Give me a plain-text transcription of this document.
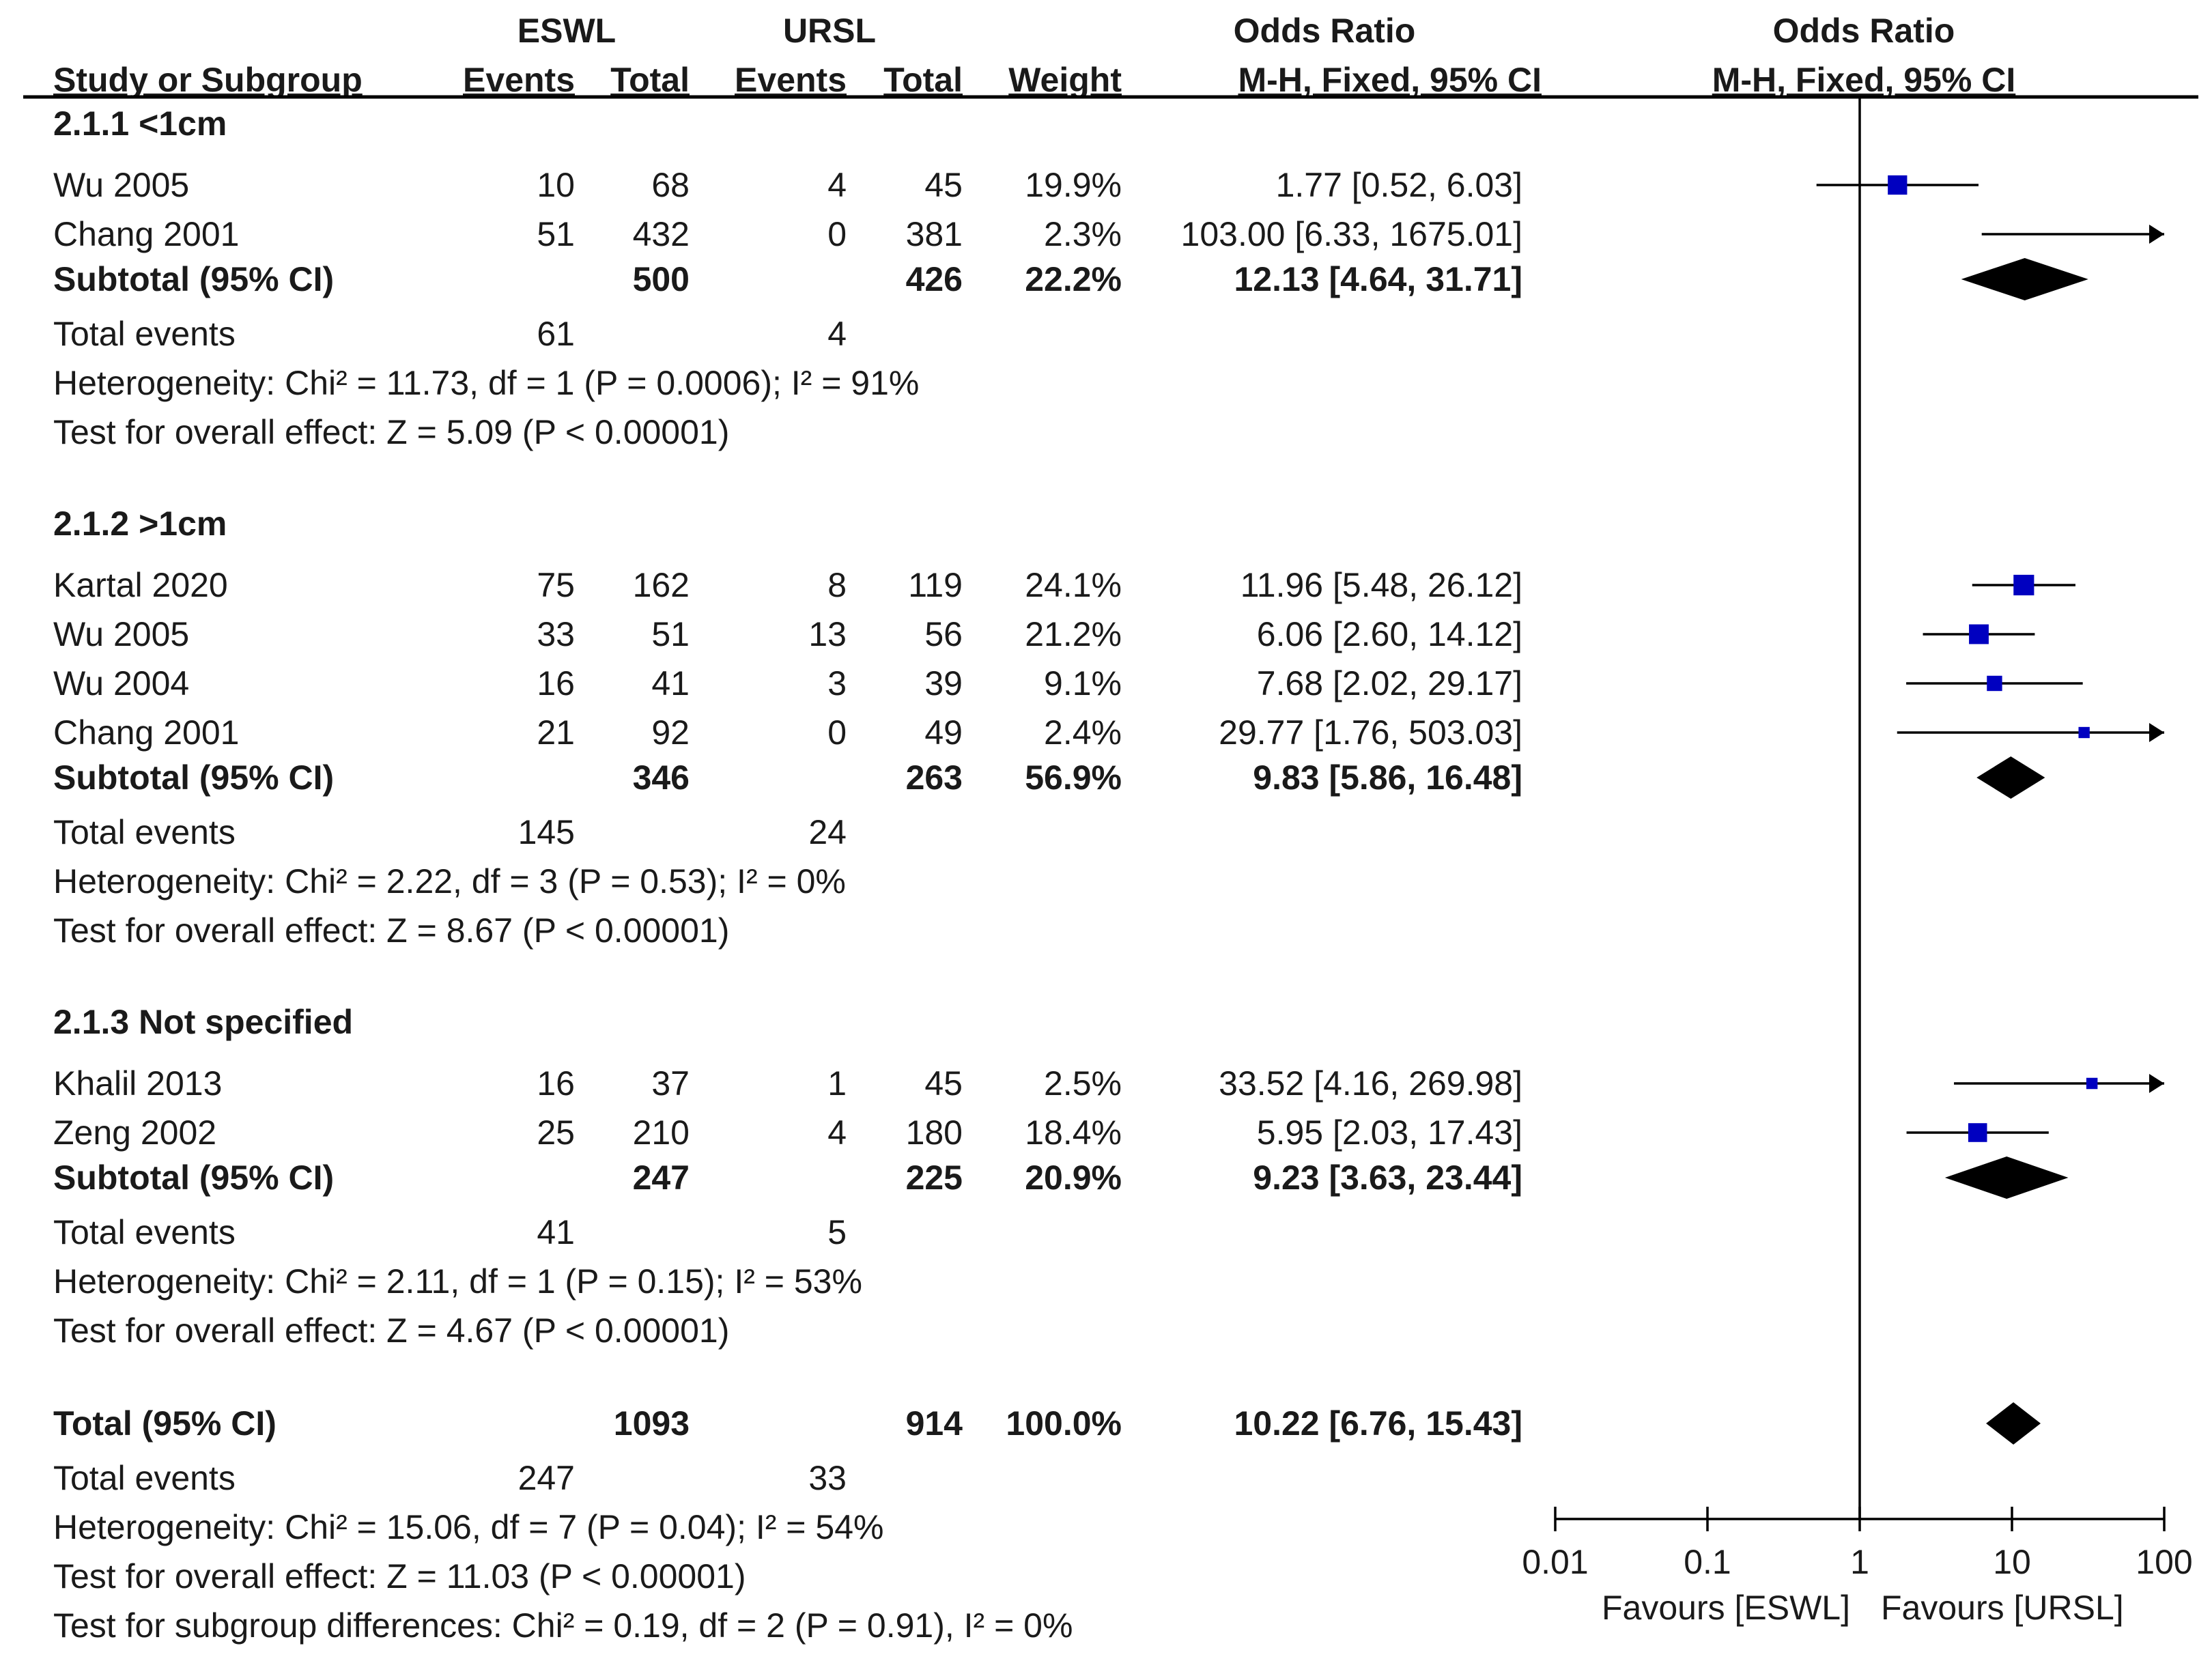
ESWL	URSL	Odds Ratio	Odds Ratio
Study or Subgroup	Events Total Events Total Weight	M-H, Fixed, 95% CI	M-H, Fixed, 95% CI
2.1.1 <1cm
Wu 2005	10 68	4 45 19.9%	1.77 [0.52, 6.03]
Chang 2001	51 432	0 381 2.3% 103.00 [6.33, 1675.01]
Subtotal (95% CI)	500	426 22.2%	12.13 [4.64, 31.71]
Total events	61	4
Heterogeneity: Chi² = 11.73, df = 1 (P = 0.0006); I² = 91%
Test for overall effect: Z = 5.09 (P < 0.00001)
2.1.2 >1cm
Kartal 2020	75 162	8 119 24.1%	11.96 [5.48, 26.12]
Wu 2005	33 51	13 56 21.2%	6.06 [2.60, 14.12]
Wu 2004	16 41	3 39 9.1%	7.68 [2.02, 29.17]
Chang 2001	21 92	0 49 2.4%	29.77 [1.76, 503.03]
Subtotal (95% CI)	346	263 56.9%	9.83 [5.86, 16.48]
Total events	145	24
Heterogeneity: Chi² = 2.22, df = 3 (P = 0.53); I² = 0%
Test for overall effect: Z = 8.67 (P < 0.00001)
2.1.3 Not specified
Khalil 2013	16 37	1 45 2.5%	33.52 [4.16, 269.98]
Zeng 2002	25 210	4 180 18.4%	5.95 [2.03, 17.43]
Subtotal (95% CI)	247	225 20.9%	9.23 [3.63, 23.44]
Total events	41	5
Heterogeneity: Chi² = 2.11, df = 1 (P = 0.15); I² = 53%
Test for overall effect: Z = 4.67 (P < 0.00001)
Total (95% CI)	1093	914 100.0%	10.22 [6.76, 15.43]
Total events	247	33
Heterogeneity: Chi² = 15.06, df = 7 (P = 0.04); I² = 54%
Test for overall effect: Z = 11.03 (P < 0.00001)
Test for subgroup differences: Chi² = 0.19, df = 2 (P = 0.91), I² = 0%
0.01	0.1	1	10	100
Favours [ESWL] Favours [URSL]
